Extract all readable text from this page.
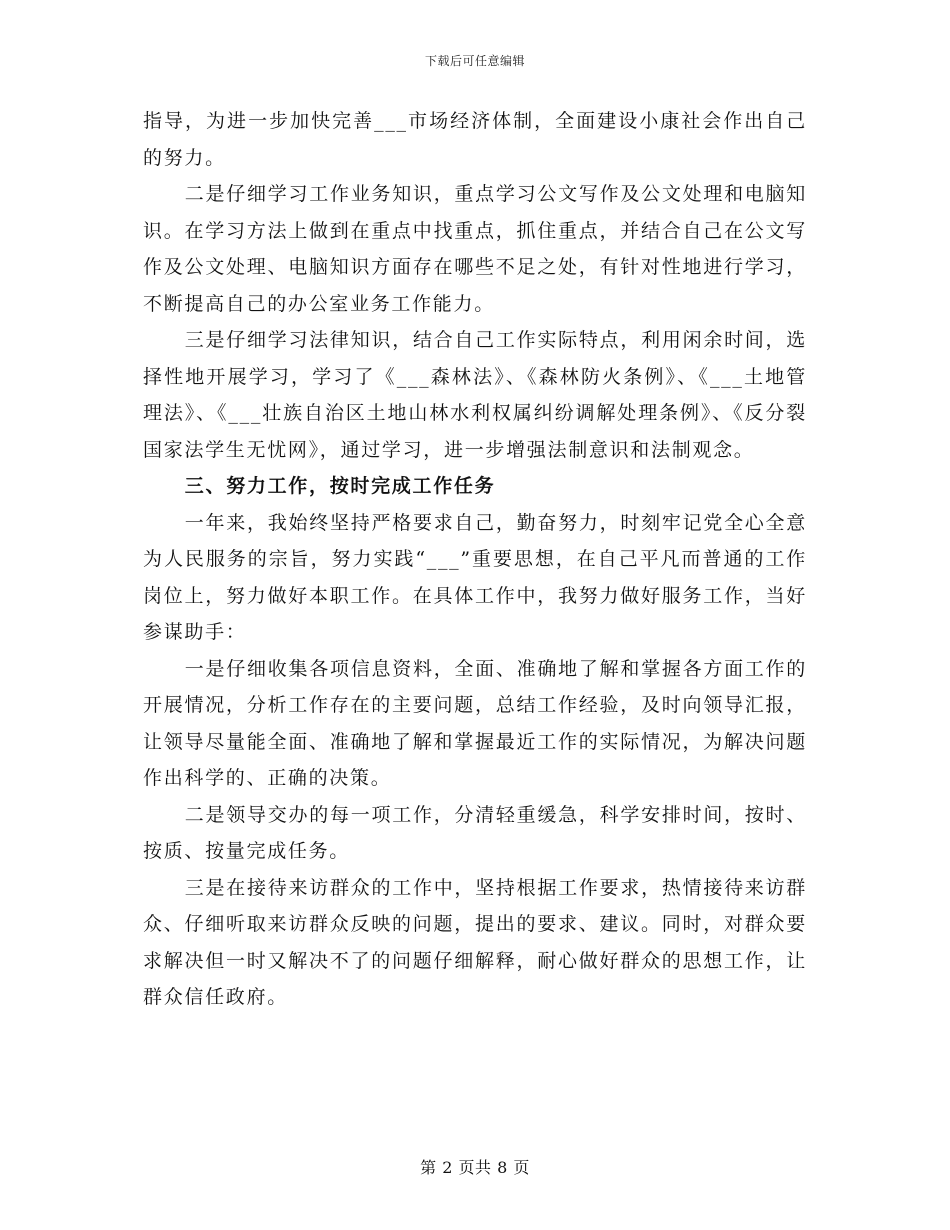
下载后可任意编辑

指导，为进一步加快完善___市场经济体制，全面建设小康社会作出自己的努力。

二是仔细学习工作业务知识，重点学习公文写作及公文处理和电脑知识。在学习方法上做到在重点中找重点，抓住重点，并结合自己在公文写作及公文处理、电脑知识方面存在哪些不足之处，有针对性地进行学习，不断提高自己的办公室业务工作能力。

三是仔细学习法律知识，结合自己工作实际特点，利用闲余时间，选择性地开展学习，学习了《___森林法》、《森林防火条例》、《___土地管理法》、《___壮族自治区土地山林水利权属纠纷调解处理条例》、《反分裂国家法学生无忧网》，通过学习，进一步增强法制意识和法制观念。

三、努力工作，按时完成工作任务

一年来，我始终坚持严格要求自己，勤奋努力，时刻牢记党全心全意为人民服务的宗旨，努力实践“___”重要思想，在自己平凡而普通的工作岗位上，努力做好本职工作。在具体工作中，我努力做好服务工作，当好参谋助手：

一是仔细收集各项信息资料，全面、准确地了解和掌握各方面工作的开展情况，分析工作存在的主要问题，总结工作经验，及时向领导汇报，让领导尽量能全面、准确地了解和掌握最近工作的实际情况，为解决问题作出科学的、正确的决策。

二是领导交办的每一项工作，分清轻重缓急，科学安排时间，按时、按质、按量完成任务。

三是在接待来访群众的工作中，坚持根据工作要求，热情接待来访群众、仔细听取来访群众反映的问题，提出的要求、建议。同时，对群众要求解决但一时又解决不了的问题仔细解释，耐心做好群众的思想工作，让群众信任政府。

第 2 页共 8 页
